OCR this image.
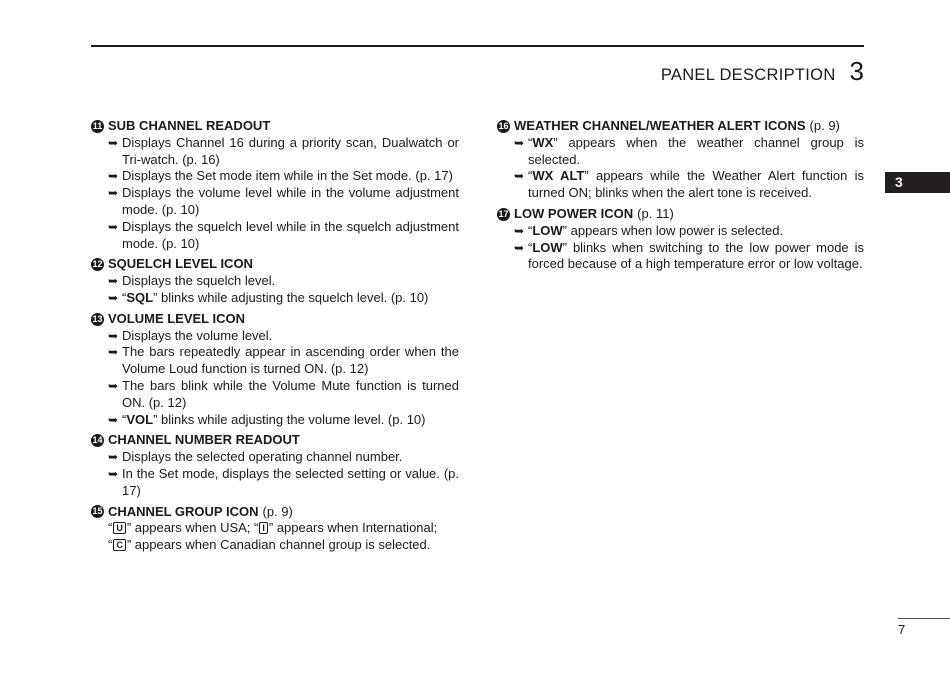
PANEL DESCRIPTION 3
3
11 SUB CHANNEL READOUT
➥ Displays Channel 16 during a priority scan, Dualwatch or Tri-watch. (p. 16)
➥ Displays the Set mode item while in the Set mode. (p. 17)
➥ Displays the volume level while in the volume adjustment mode. (p. 10)
➥ Displays the squelch level while in the squelch adjustment mode. (p. 10)
12 SQUELCH LEVEL ICON
➥ Displays the squelch level.
➥ “SQL” blinks while adjusting the squelch level. (p. 10)
13 VOLUME LEVEL ICON
➥ Displays the volume level.
➥ The bars repeatedly appear in ascending order when the Volume Loud function is turned ON. (p. 12)
➥ The bars blink while the Volume Mute function is turned ON. (p. 12)
➥ “VOL” blinks while adjusting the volume level. (p. 10)
14 CHANNEL NUMBER READOUT
➥ Displays the selected operating channel number.
➥ In the Set mode, displays the selected setting or value. (p. 17)
15 CHANNEL GROUP ICON (p. 9)
“ U ” appears when USA; “ I ” appears when International;
“ C ” appears when Canadian channel group is selected.
16 WEATHER CHANNEL/WEATHER ALERT ICONS (p. 9)
➥ “WX” appears when the weather channel group is selected.
➥ “WX ALT” appears while the Weather Alert function is turned ON; blinks when the alert tone is received.
17 LOW POWER ICON (p. 11)
➥ “LOW” appears when low power is selected.
➥ “LOW” blinks when switching to the low power mode is forced because of a high temperature error or low voltage.
7
